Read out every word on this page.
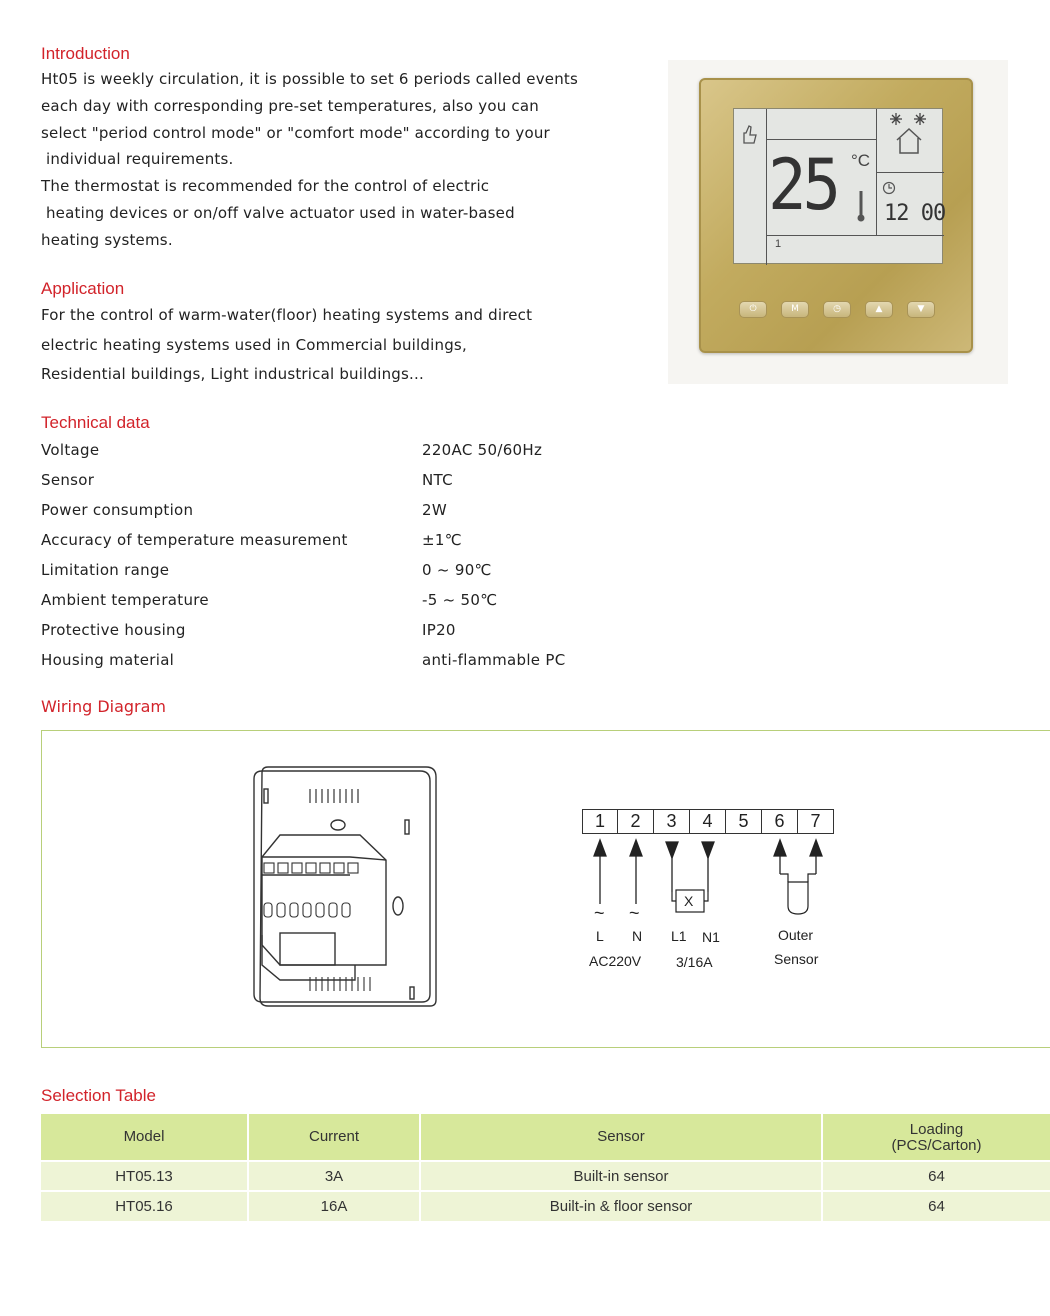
Introduction
Ht05 is weekly circulation, it is possible to set 6 periods called events
each day with corresponding pre-set temperatures, also you can
select "period control mode" or "comfort mode" according to your
individual requirements.
The thermostat is recommended for the control of electric
heating devices or on/off valve actuator used in water-based
heating systems.
Application
For the control of warm-water(floor) heating systems and direct
electric heating systems used in Commercial buildings,
Residential buildings, Light industrical buildings...
Technical data
Voltage	220AC 50/60Hz
Sensor	NTC
Power consumption	2W
Accuracy of temperature measurement	±1℃
Limitation range	0 ~ 90℃
Ambient temperature	-5 ~ 50℃
Protective housing	IP20
Housing material	anti-flammable PC
25 °C
12 00
1
⏻	M	◷	▲	▼
Wiring Diagram
1	2	3	4	5	6	7
X
~ ~
L N L1 N1
AC220V 3/16A
Outer
Sensor
Selection Table
Model	Current	Sensor	Loading
(PCS/Carton)
HT05.13	3A	Built-in sensor	64
HT05.16	16A	Built-in & floor sensor	64
